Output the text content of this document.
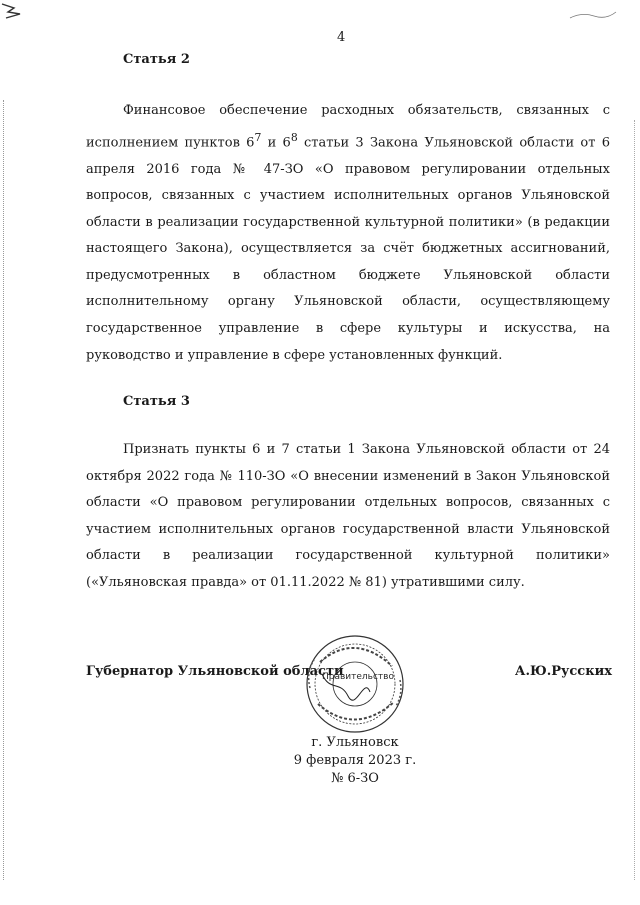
4
Статья 2

Финансовое обеспечение расходных обязательств, связанных с исполнением пунктов $6^7$ и $6^8$ статьи 3 Закона Ульяновской области от 6 апреля 2016 года № 47-ЗО «О правовом регулировании отдельных вопросов, связанных с участием исполнительных органов Ульяновской области в реализации государственной культурной политики» (в редакции настоящего Закона), осуществляется за счёт бюджетных ассигнований, предусмотренных в областном бюджете Ульяновской области исполнительному органу Ульяновской области, осуществляющему государственное управление в сфере культуры и искусства, на руководство и управление в сфере установленных функций.

Статья 3

Признать пункты 6 и 7 статьи 1 Закона Ульяновской области от 24 октября 2022 года № 110-ЗО «О внесении изменений в Закон Ульяновской области «О правовом регулировании отдельных вопросов, связанных с участием исполнительных органов государственной власти Ульяновской области в реализации государственной культурной политики» («Ульяновская правда» от 01.11.2022 № 81) утратившими силу.

Губернатор Ульяновской области	А.Ю.Русских
Правительство
г. Ульяновск
9 февраля 2023 г.
№ 6-ЗО
